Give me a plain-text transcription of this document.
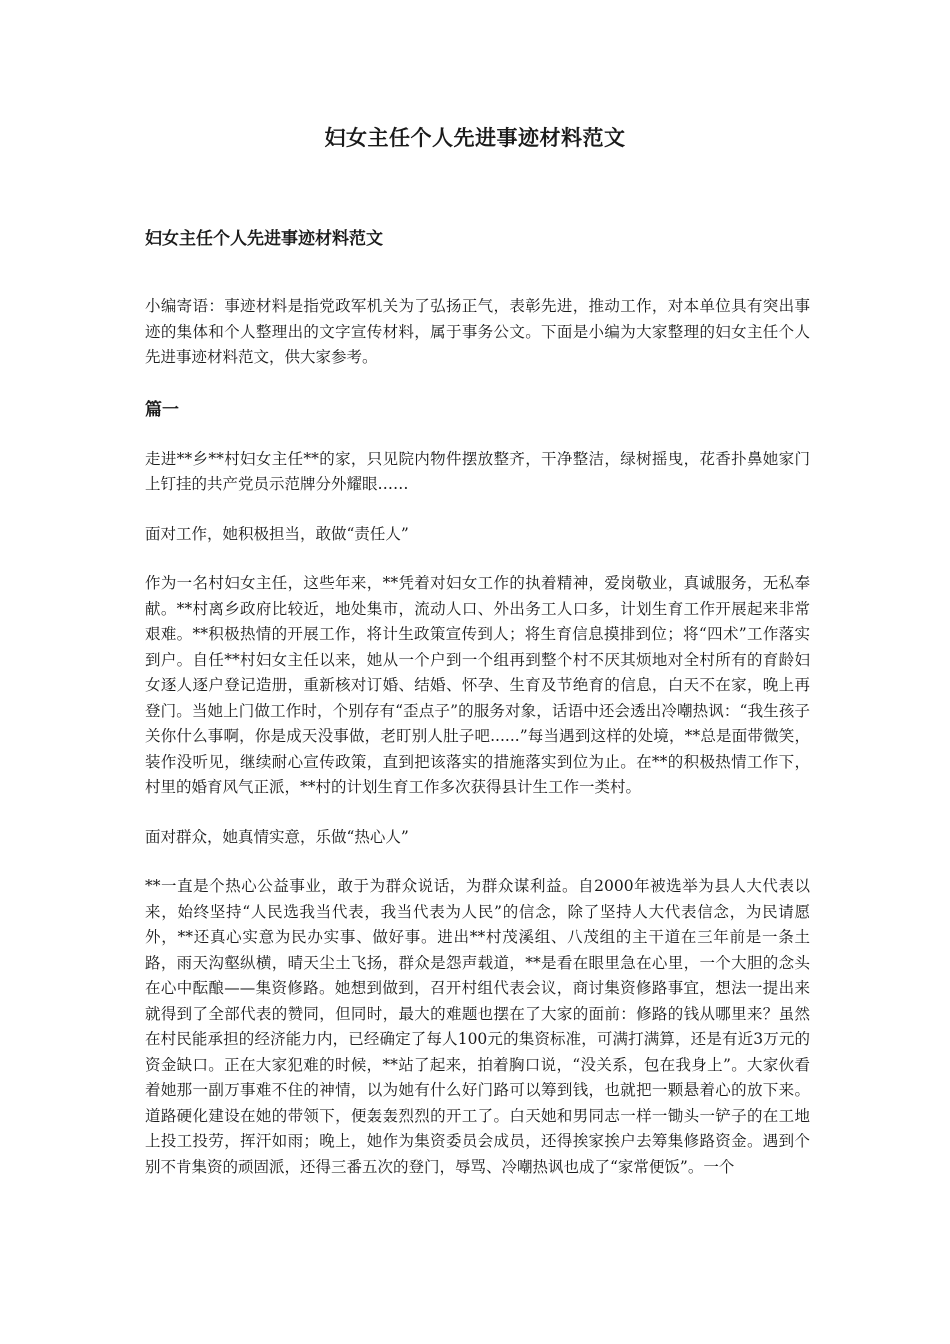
妇女主任个人先进事迹材料范文
妇女主任个人先进事迹材料范文

小编寄语：事迹材料是指党政军机关为了弘扬正气，表彰先进，推动工作，对本单位具有突出事迹的集体和个人整理出的文字宣传材料，属于事务公文。下面是小编为大家整理的妇女主任个人先进事迹材料范文，供大家参考。

篇一

走进**乡**村妇女主任**的家，只见院内物件摆放整齐，干净整洁，绿树摇曳，花香扑鼻她家门上钉挂的共产党员示范牌分外耀眼……

面对工作，她积极担当，敢做“责任人”

作为一名村妇女主任，这些年来，**凭着对妇女工作的执着精神，爱岗敬业，真诚服务，无私奉献。**村离乡政府比较近，地处集市，流动人口、外出务工人口多，计划生育工作开展起来非常艰难。**积极热情的开展工作，将计生政策宣传到人；将生育信息摸排到位；将“四术”工作落实到户。自任**村妇女主任以来，她从一个户到一个组再到整个村不厌其烦地对全村所有的育龄妇女逐人逐户登记造册，重新核对订婚、结婚、怀孕、生育及节绝育的信息，白天不在家，晚上再登门。当她上门做工作时，个别存有“歪点子”的服务对象，话语中还会透出冷嘲热讽：“我生孩子关你什么事啊，你是成天没事做，老盯别人肚子吧......”每当遇到这样的处境，**总是面带微笑，装作没听见，继续耐心宣传政策，直到把该落实的措施落实到位为止。在**的积极热情工作下，村里的婚育风气正派，**村的计划生育工作多次获得县计生工作一类村。

面对群众，她真情实意，乐做“热心人”

**一直是个热心公益事业，敢于为群众说话，为群众谋利益。自2000年被选举为县人大代表以来，始终坚持“人民选我当代表，我当代表为人民”的信念，除了坚持人大代表信念，为民请愿外，**还真心实意为民办实事、做好事。进出**村茂溪组、八茂组的主干道在三年前是一条土路，雨天沟壑纵横，晴天尘土飞扬，群众是怨声载道，**是看在眼里急在心里，一个大胆的念头在心中酝酿——集资修路。她想到做到，召开村组代表会议，商讨集资修路事宜，想法一提出来就得到了全部代表的赞同，但同时，最大的难题也摆在了大家的面前：修路的钱从哪里来？虽然在村民能承担的经济能力内，已经确定了每人100元的集资标准，可满打满算，还是有近3万元的资金缺口。正在大家犯难的时候，**站了起来，拍着胸口说，“没关系，包在我身上”。大家伙看着她那一副万事难不住的神情，以为她有什么好门路可以筹到钱，也就把一颗悬着心的放下来。道路硬化建设在她的带领下，便轰轰烈烈的开工了。白天她和男同志一样一锄头一铲子的在工地上投工投劳，挥汗如雨；晚上，她作为集资委员会成员，还得挨家挨户去筹集修路资金。遇到个别不肯集资的顽固派，还得三番五次的登门，辱骂、冷嘲热讽也成了“家常便饭”。一个
